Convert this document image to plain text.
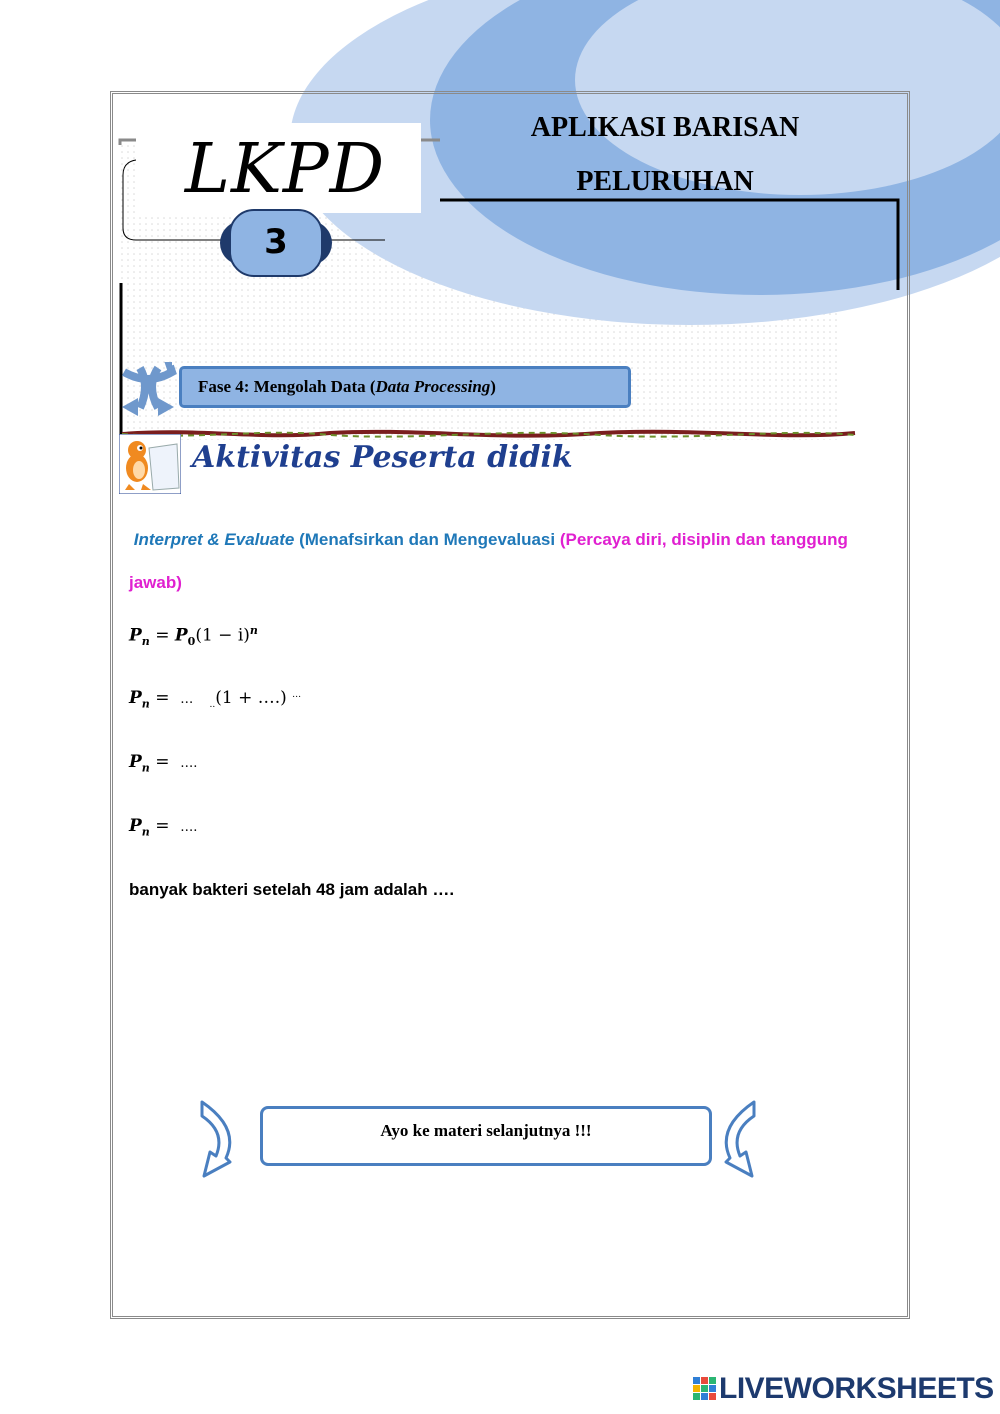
LKPD
3
APLIKASI BARISAN
PELURUHAN
Fase 4: Mengolah Data (Data Processing)
Aktivitas Peserta didik
Interpret & Evaluate (Menafsirkan dan Mengevaluasi (Percaya diri, disiplin dan tanggung jawab)
$P_n = P_0(1 - i)^n$
$P_n$ =  … $_{..}$(1 + ….) …
$P_n$ =  ….
$P_n$ =  ….
banyak bakteri setelah 48 jam adalah ….
Ayo ke materi selanjutnya !!!
LIVEWORKSHEETS
